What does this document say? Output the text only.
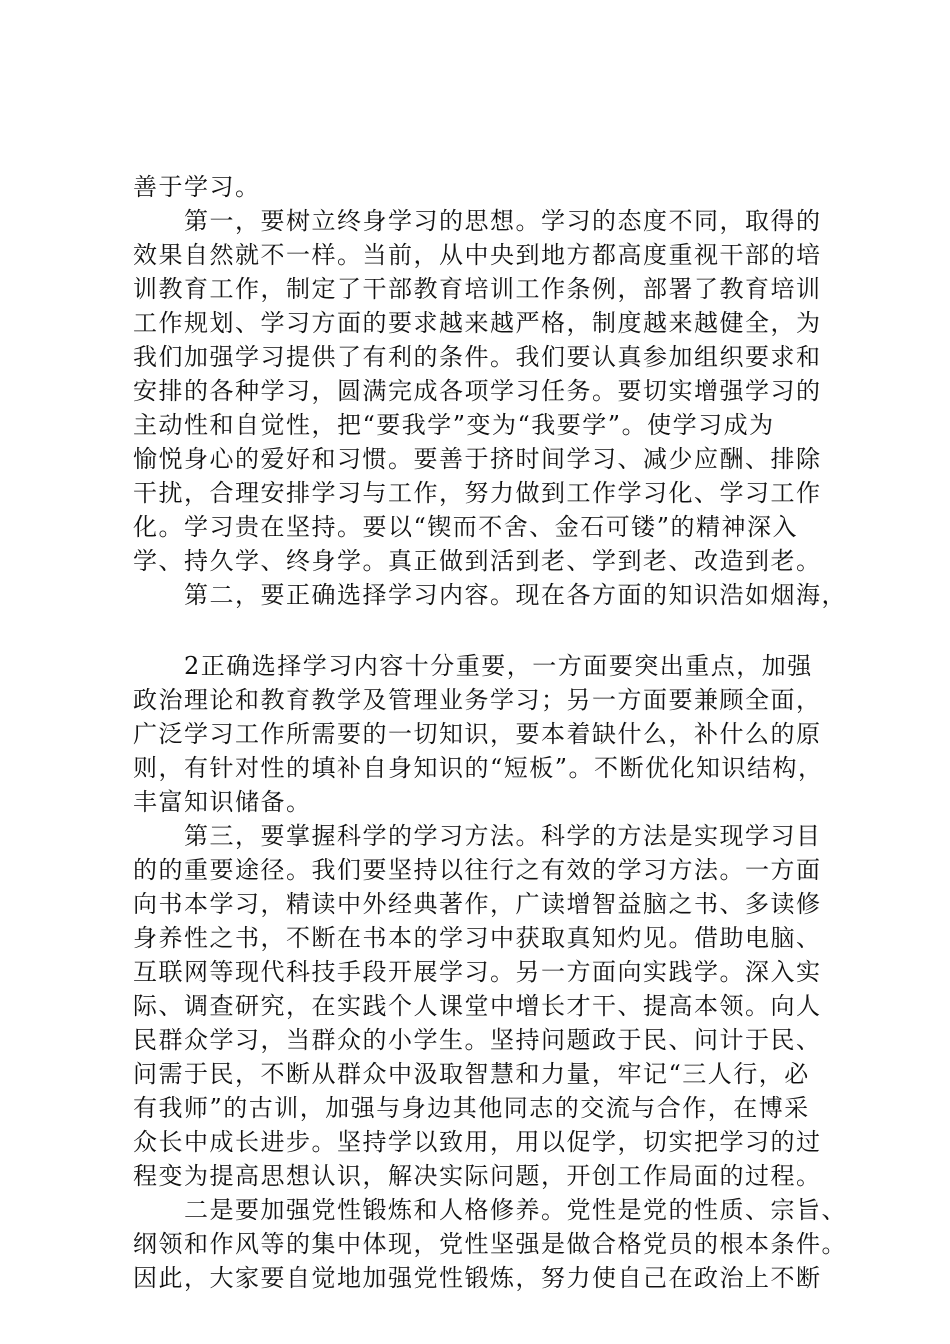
善于学习。
　　第一，要树立终身学习的思想。学习的态度不同，取得的
效果自然就不一样。当前，从中央到地方都高度重视干部的培
训教育工作，制定了干部教育培训工作条例，部署了教育培训
工作规划、学习方面的要求越来越严格，制度越来越健全，为
我们加强学习提供了有利的条件。我们要认真参加组织要求和
安排的各种学习，圆满完成各项学习任务。要切实增强学习的
主动性和自觉性，把“要我学”变为“我要学”。使学习成为
愉悦身心的爱好和习惯。要善于挤时间学习、减少应酬、排除
干扰，合理安排学习与工作，努力做到工作学习化、学习工作
化。学习贵在坚持。要以“锲而不舍、金石可镂”的精神深入
学、持久学、终身学。真正做到活到老、学到老、改造到老。
　　第二，要正确选择学习内容。现在各方面的知识浩如烟海，
　　2正确选择学习内容十分重要，一方面要突出重点，加强
政治理论和教育教学及管理业务学习；另一方面要兼顾全面，
广泛学习工作所需要的一切知识，要本着缺什么，补什么的原
则，有针对性的填补自身知识的“短板”。不断优化知识结构，
丰富知识储备。
　　第三，要掌握科学的学习方法。科学的方法是实现学习目
的的重要途径。我们要坚持以往行之有效的学习方法。一方面
向书本学习，精读中外经典著作，广读增智益脑之书、多读修
身养性之书，不断在书本的学习中获取真知灼见。借助电脑、
互联网等现代科技手段开展学习。另一方面向实践学。深入实
际、调查研究，在实践个人课堂中增长才干、提高本领。向人
民群众学习，当群众的小学生。坚持问题政于民、问计于民、
问需于民，不断从群众中汲取智慧和力量，牢记“三人行，必
有我师”的古训，加强与身边其他同志的交流与合作，在博采
众长中成长进步。坚持学以致用，用以促学，切实把学习的过
程变为提高思想认识，解决实际问题，开创工作局面的过程。
　　二是要加强党性锻炼和人格修养。党性是党的性质、宗旨、
纲领和作风等的集中体现，党性坚强是做合格党员的根本条件。
因此，大家要自觉地加强党性锻炼，努力使自己在政治上不断
